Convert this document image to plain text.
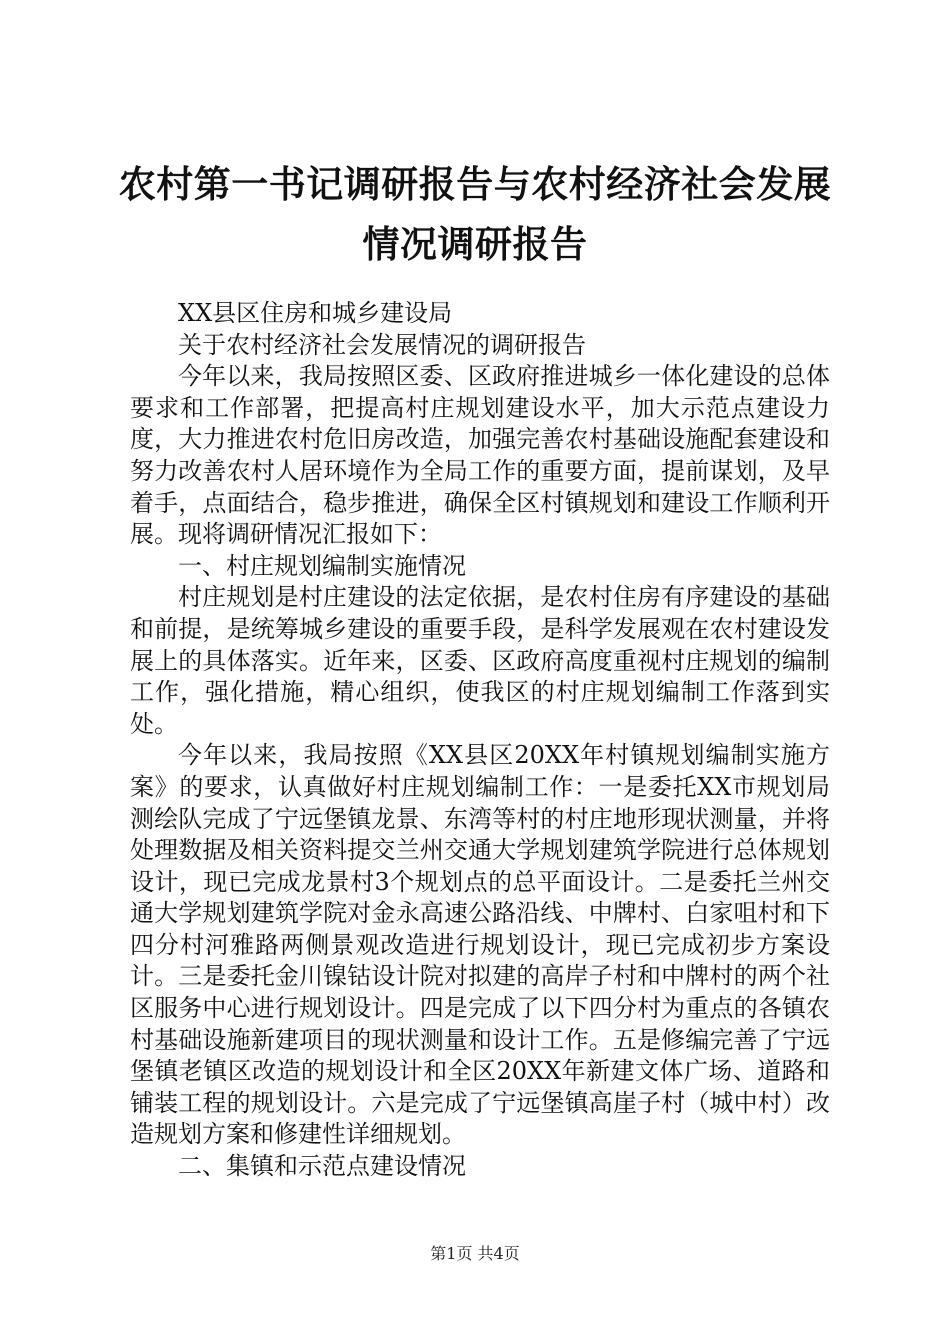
农村第一书记调研报告与农村经济社会发展情况调研报告

XX县区住房和城乡建设局

关于农村经济社会发展情况的调研报告

今年以来，我局按照区委、区政府推进城乡一体化建设的总体要求和工作部署，把提高村庄规划建设水平，加大示范点建设力度，大力推进农村危旧房改造，加强完善农村基础设施配套建设和努力改善农村人居环境作为全局工作的重要方面，提前谋划，及早着手，点面结合，稳步推进，确保全区村镇规划和建设工作顺利开展。现将调研情况汇报如下：

一、村庄规划编制实施情况

村庄规划是村庄建设的法定依据，是农村住房有序建设的基础和前提，是统筹城乡建设的重要手段，是科学发展观在农村建设发展上的具体落实。近年来，区委、区政府高度重视村庄规划的编制工作，强化措施，精心组织，使我区的村庄规划编制工作落到实处。

今年以来，我局按照《XX县区20XX年村镇规划编制实施方案》的要求，认真做好村庄规划编制工作：一是委托XX市规划局测绘队完成了宁远堡镇龙景、东湾等村的村庄地形现状测量，并将处理数据及相关资料提交兰州交通大学规划建筑学院进行总体规划设计，现已完成龙景村3个规划点的总平面设计。二是委托兰州交通大学规划建筑学院对金永高速公路沿线、中牌村、白家咀村和下四分村河雅路两侧景观改造进行规划设计，现已完成初步方案设计。三是委托金川镍钴设计院对拟建的高岸子村和中牌村的两个社区服务中心进行规划设计。四是完成了以下四分村为重点的各镇农村基础设施新建项目的现状测量和设计工作。五是修编完善了宁远堡镇老镇区改造的规划设计和全区20XX年新建文体广场、道路和铺装工程的规划设计。六是完成了宁远堡镇高崖子村（城中村）改造规划方案和修建性详细规划。

二、集镇和示范点建设情况

第1页 共4页
